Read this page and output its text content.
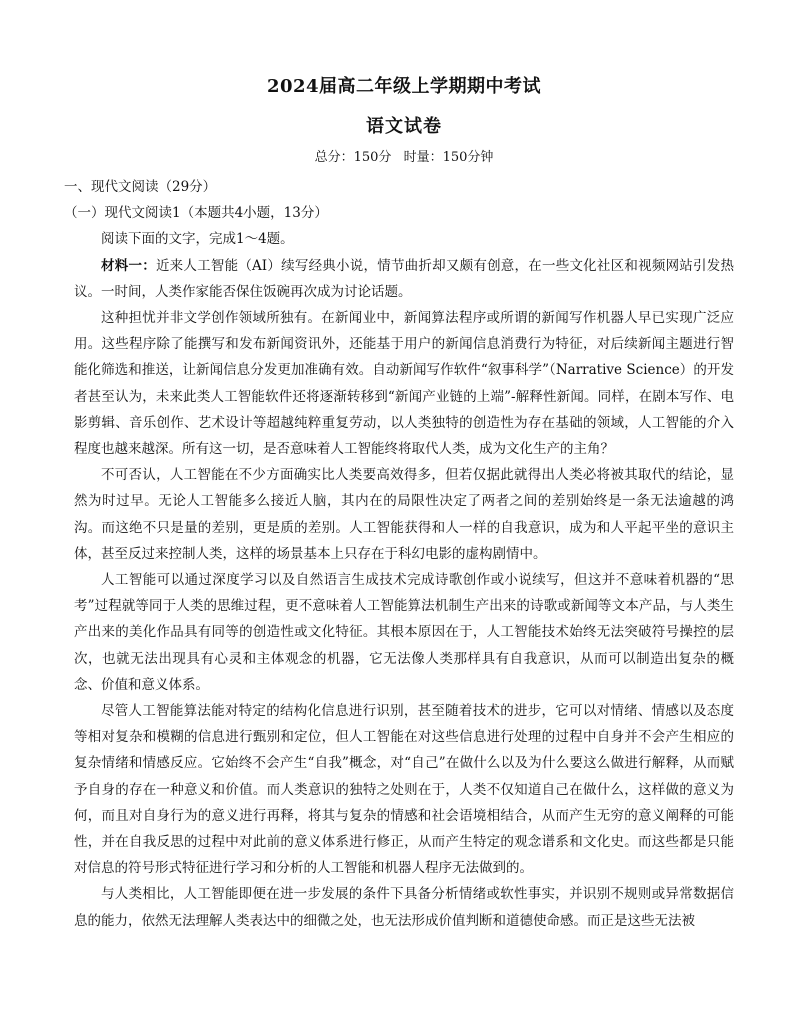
2024届高二年级上学期期中考试
语文试卷
总分：150分 时量：150分钟

一、现代文阅读（29分）

（一）现代文阅读1（本题共4小题，13分）

阅读下面的文字，完成1～4题。

材料一：近来人工智能（AI）续写经典小说，情节曲折却又颇有创意，在一些文化社区和视频网站引发热议。一时间，人类作家能否保住饭碗再次成为讨论话题。

这种担忧并非文学创作领域所独有。在新闻业中，新闻算法程序或所谓的新闻写作机器人早已实现广泛应用。这些程序除了能撰写和发布新闻资讯外，还能基于用户的新闻信息消费行为特征，对后续新闻主题进行智能化筛选和推送，让新闻信息分发更加准确有效。自动新闻写作软件“叙事科学”（Narrative Science）的开发者甚至认为，未来此类人工智能软件还将逐渐转移到“新闻产业链的上端”-解释性新闻。同样，在剧本写作、电影剪辑、音乐创作、艺术设计等超越纯粹重复劳动，以人类独特的创造性为存在基础的领域，人工智能的介入程度也越来越深。所有这一切，是否意味着人工智能终将取代人类，成为文化生产的主角？

不可否认，人工智能在不少方面确实比人类要高效得多，但若仅据此就得出人类必将被其取代的结论，显然为时过早。无论人工智能多么接近人脑，其内在的局限性决定了两者之间的差别始终是一条无法逾越的鸿沟。而这绝不只是量的差别，更是质的差别。人工智能获得和人一样的自我意识，成为和人平起平坐的意识主体，甚至反过来控制人类，这样的场景基本上只存在于科幻电影的虚构剧情中。

人工智能可以通过深度学习以及自然语言生成技术完成诗歌创作或小说续写，但这并不意味着机器的“思考”过程就等同于人类的思维过程，更不意味着人工智能算法机制生产出来的诗歌或新闻等文本产品，与人类生产出来的美化作品具有同等的创造性或文化特征。其根本原因在于，人工智能技术始终无法突破符号操控的层次，也就无法出现具有心灵和主体观念的机器，它无法像人类那样具有自我意识，从而可以制造出复杂的概念、价值和意义体系。

尽管人工智能算法能对特定的结构化信息进行识别，甚至随着技术的进步，它可以对情绪、情感以及态度等相对复杂和模糊的信息进行甄别和定位，但人工智能在对这些信息进行处理的过程中自身并不会产生相应的复杂情绪和情感反应。它始终不会产生“自我”概念，对“自己”在做什么以及为什么要这么做进行解释，从而赋予自身的存在一种意义和价值。而人类意识的独特之处则在于，人类不仅知道自己在做什么，这样做的意义为何，而且对自身行为的意义进行再释，将其与复杂的情感和社会语境相结合，从而产生无穷的意义阐释的可能性，并在自我反思的过程中对此前的意义体系进行修正，从而产生特定的观念谱系和文化史。而这些都是只能对信息的符号形式特征进行学习和分析的人工智能和机器人程序无法做到的。

与人类相比，人工智能即便在进一步发展的条件下具备分析情绪或软性事实，并识别不规则或异常数据信息的能力，依然无法理解人类表达中的细微之处，也无法形成价值判断和道德使命感。而正是这些无法被
